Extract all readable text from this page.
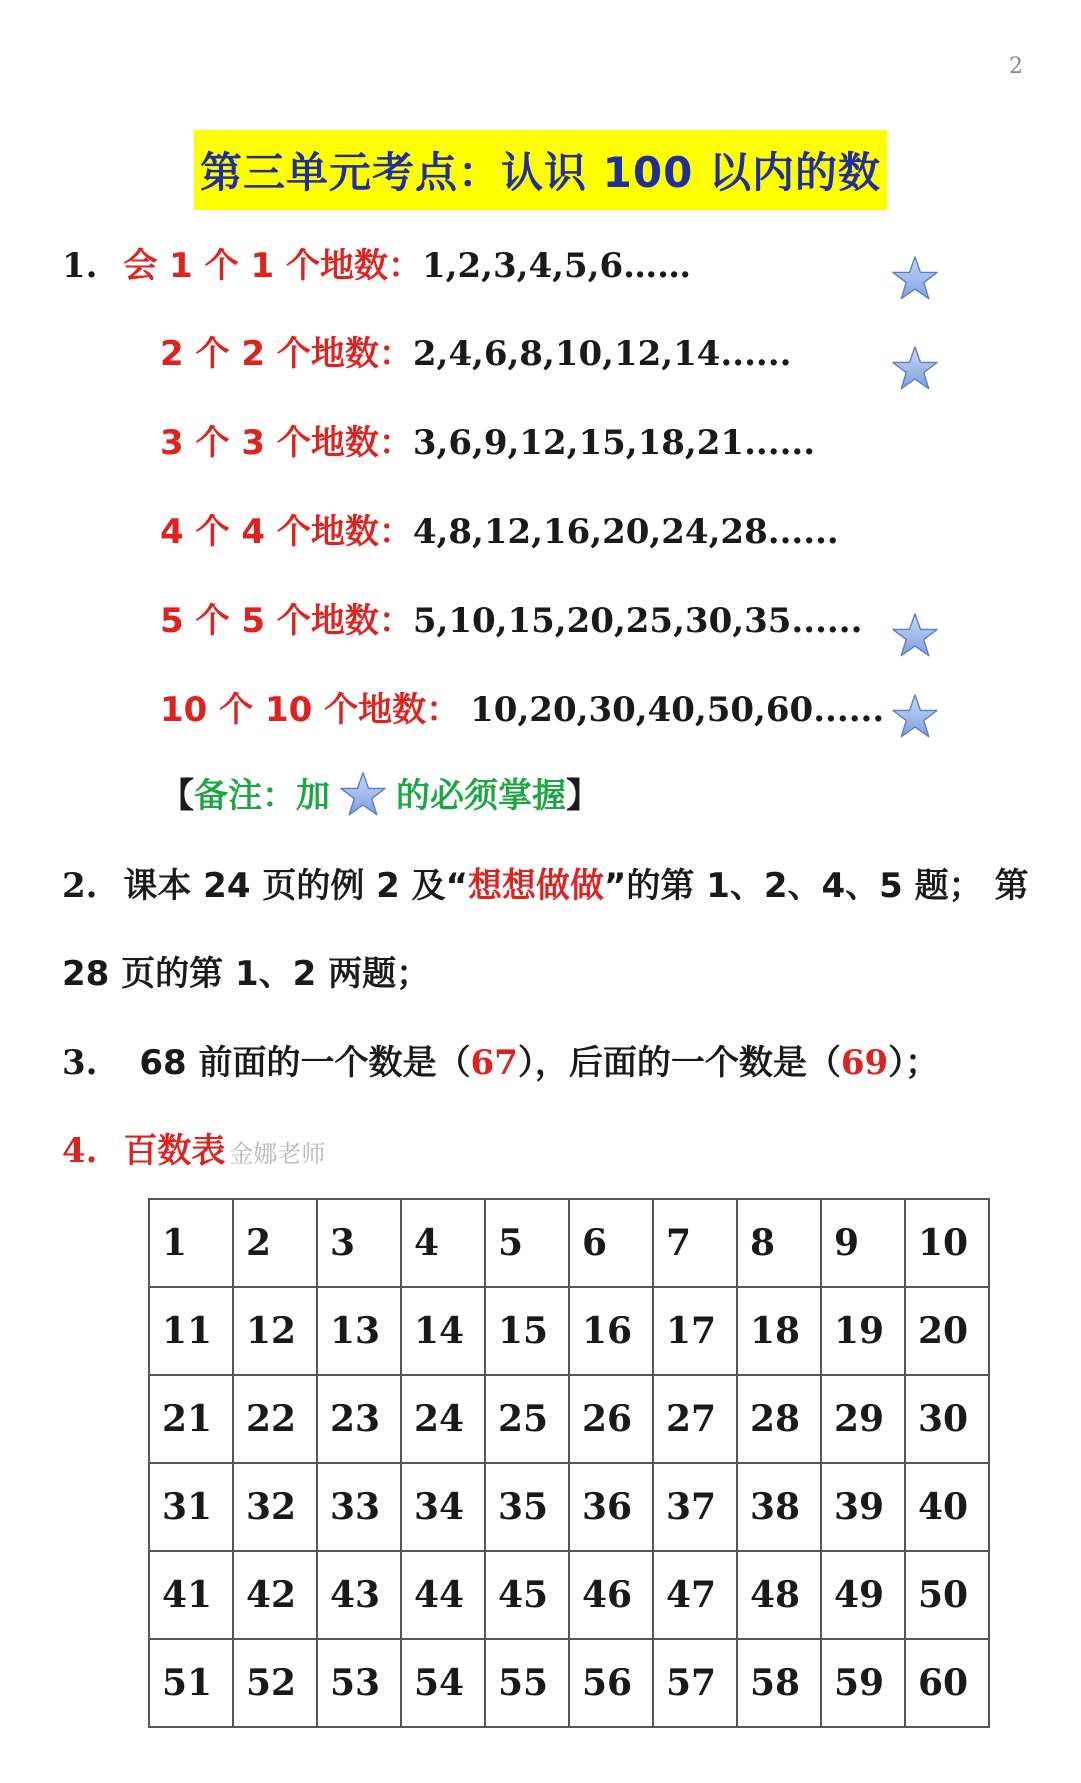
2
第三单元考点：认识 100 以内的数
1. 会 1 个 1 个地数：1,2,3,4,5,6……
2 个 2 个地数：2,4,6,8,10,12,14......
3 个 3 个地数：3,6,9,12,15,18,21......
4 个 4 个地数：4,8,12,16,20,24,28......
5 个 5 个地数：5,10,15,20,25,30,35......
10 个 10 个地数： 10,20,30,40,50,60......
【备注：加 的必须掌握】
2. 课本 24 页的例 2 及“想想做做”的第 1、2、4、5 题； 第
28 页的第 1、2 两题；
3. 68 前面的一个数是（67），后面的一个数是（69）；
4. 百数表 金娜老师
1	2	3	4	5	6	7	8	9	10
11	12	13	14	15	16	17	18	19	20
21	22	23	24	25	26	27	28	29	30
31	32	33	34	35	36	37	38	39	40
41	42	43	44	45	46	47	48	49	50
51	52	53	54	55	56	57	58	59	60
